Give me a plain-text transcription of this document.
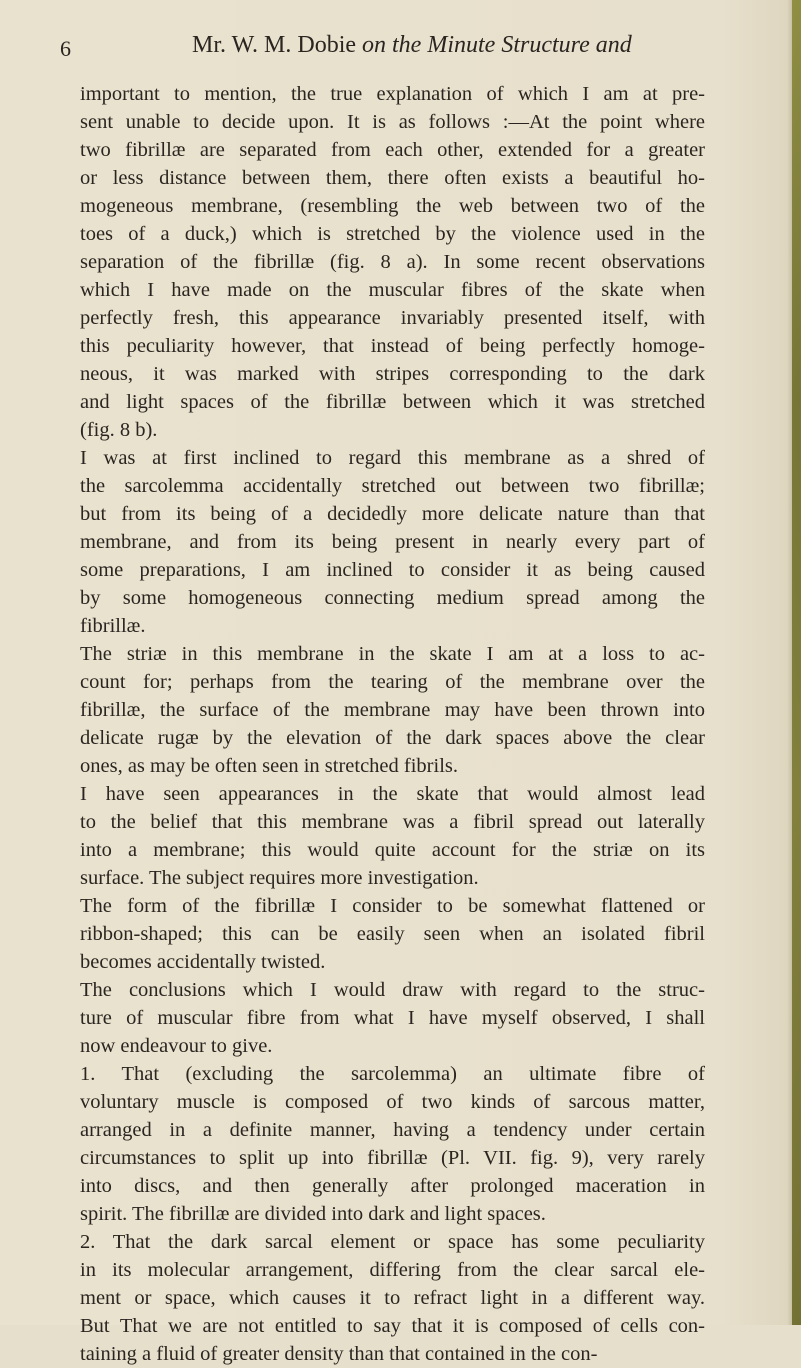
6	Mr. W. M. Dobie on the Minute Structure and
important to mention, the true explanation of which I am at pre-
sent unable to decide upon. It is as follows :—At the point where
two fibrillæ are separated from each other, extended for a greater
or less distance between them, there often exists a beautiful ho-
mogeneous membrane, (resembling the web between two of the
toes of a duck,) which is stretched by the violence used in the
separation of the fibrillæ (fig. 8 a). In some recent observations
which I have made on the muscular fibres of the skate when
perfectly fresh, this appearance invariably presented itself, with
this peculiarity however, that instead of being perfectly homoge-
neous, it was marked with stripes corresponding to the dark
and light spaces of the fibrillæ between which it was stretched
(fig. 8 b).
I was at first inclined to regard this membrane as a shred of
the sarcolemma accidentally stretched out between two fibrillæ;
but from its being of a decidedly more delicate nature than that
membrane, and from its being present in nearly every part of
some preparations, I am inclined to consider it as being caused
by some homogeneous connecting medium spread among the
fibrillæ.
The striæ in this membrane in the skate I am at a loss to ac-
count for; perhaps from the tearing of the membrane over the
fibrillæ, the surface of the membrane may have been thrown into
delicate rugæ by the elevation of the dark spaces above the clear
ones, as may be often seen in stretched fibrils.
I have seen appearances in the skate that would almost lead
to the belief that this membrane was a fibril spread out laterally
into a membrane; this would quite account for the striæ on its
surface. The subject requires more investigation.
The form of the fibrillæ I consider to be somewhat flattened or
ribbon-shaped; this can be easily seen when an isolated fibril
becomes accidentally twisted.
The conclusions which I would draw with regard to the struc-
ture of muscular fibre from what I have myself observed, I shall
now endeavour to give.
1. That (excluding the sarcolemma) an ultimate fibre of
voluntary muscle is composed of two kinds of sarcous matter,
arranged in a definite manner, having a tendency under certain
circumstances to split up into fibrillæ (Pl. VII. fig. 9), very rarely
into discs, and then generally after prolonged maceration in
spirit. The fibrillæ are divided into dark and light spaces.
2. That the dark sarcal element or space has some peculiarity
in its molecular arrangement, differing from the clear sarcal ele-
ment or space, which causes it to refract light in a different way.
But That we are not entitled to say that it is composed of cells con-
taining a fluid of greater density than that contained in the con-
